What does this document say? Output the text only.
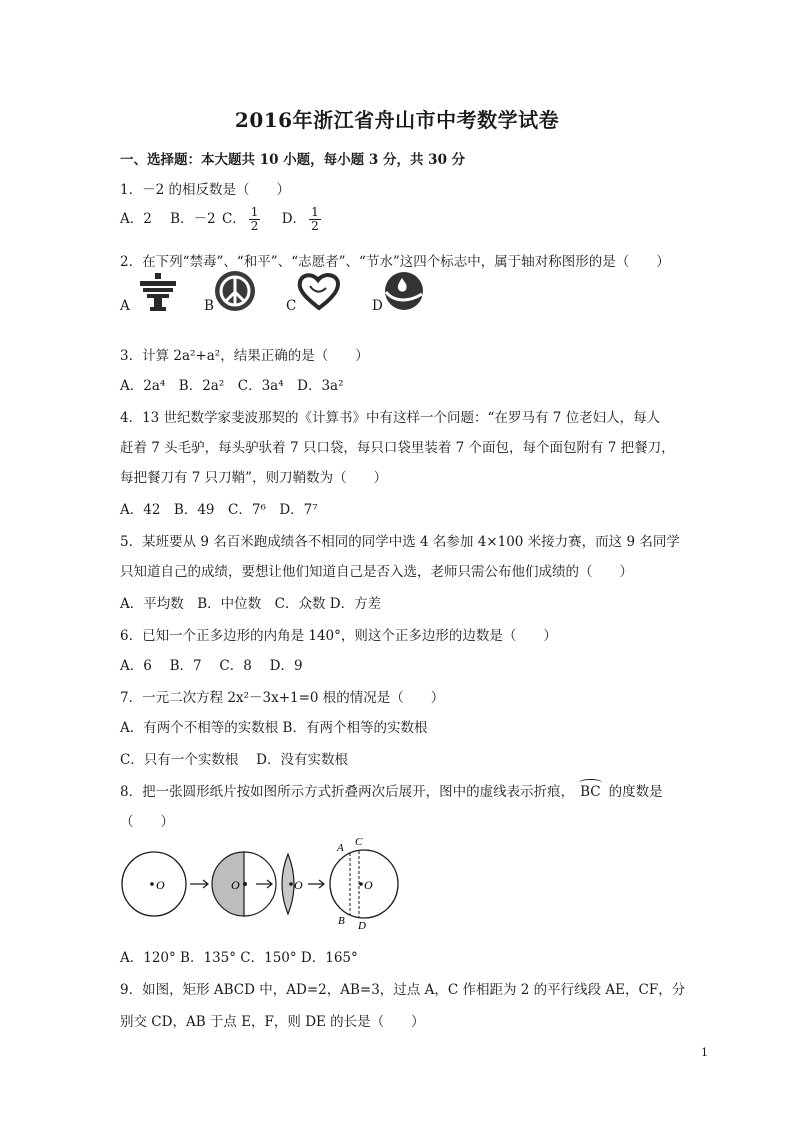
2016年浙江省舟山市中考数学试卷
一、选择题：本大题共 10 小题，每小题 3 分，共 30 分
1．－2 的相反数是（　　）
A．2 B．－2 C． $\frac{1}{2}$ D． $\frac{1}{2}$
2．在下列“禁毒”、“和平”、“志愿者”、“节水”这四个标志中，属于轴对称图形的是（　　）
A	B	C	D
3．计算 2a²+a²，结果正确的是（　　）
A．2a⁴　B．2a²　C．3a⁴　D．3a²
4．13 世纪数学家斐波那契的《计算书》中有这样一个问题：“在罗马有 7 位老妇人，每人
赶着 7 头毛驴，每头驴驮着 7 只口袋，每只口袋里装着 7 个面包，每个面包附有 7 把餐刀，
每把餐刀有 7 只刀鞘”，则刀鞘数为（　　）
A．42　B．49　C．7⁶　D．7⁷
5．某班要从 9 名百米跑成绩各不相同的同学中选 4 名参加 4×100 米接力赛，而这 9 名同学
只知道自己的成绩，要想让他们知道自己是否入选，老师只需公布他们成绩的（　　）
A．平均数　B．中位数　C．众数 D．方差
6．已知一个正多边形的内角是 140°，则这个正多边形的边数是（　　）
A．6　 B．7　 C．8　 D．9
7．一元二次方程 2x²－3x+1=0 根的情况是（　　）
A．有两个不相等的实数根 B．有两个相等的实数根
C．只有一个实数根　 D．没有实数根
8．把一张圆形纸片按如图所示方式折叠两次后展开，图中的虚线表示折痕， BC 的度数是
（　　）
O	O	O	O
A C
B D
A．120° B．135° C．150° D．165°
9．如图，矩形 ABCD 中，AD=2，AB=3，过点 A，C 作相距为 2 的平行线段 AE，CF，分
别交 CD，AB 于点 E，F，则 DE 的长是（　　）
1
